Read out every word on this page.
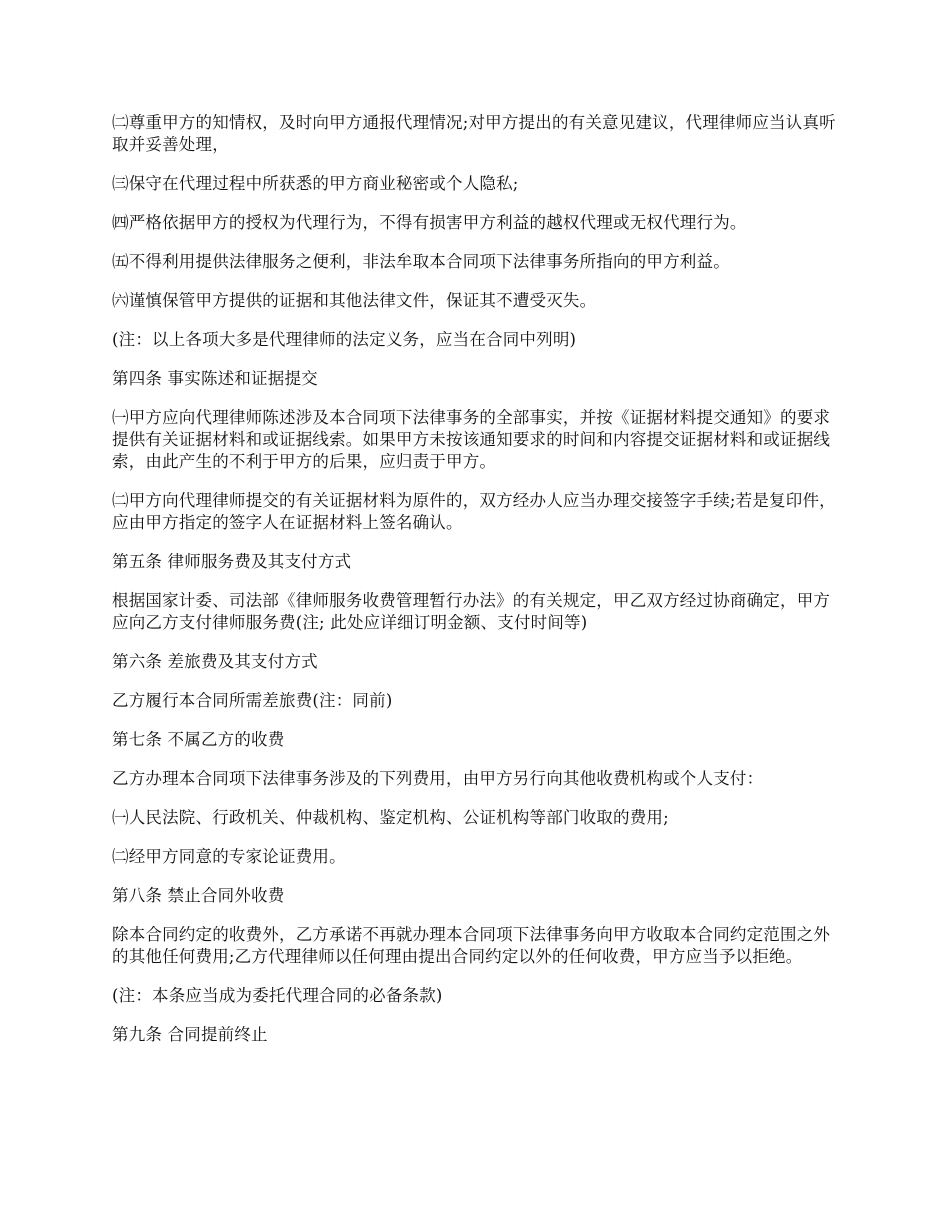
㈡尊重甲方的知情权，及时向甲方通报代理情况;对甲方提出的有关意见建议，代理律师应当认真听取并妥善处理，

㈢保守在代理过程中所获悉的甲方商业秘密或个人隐私;

㈣严格依据甲方的授权为代理行为，不得有损害甲方利益的越权代理或无权代理行为。

㈤不得利用提供法律服务之便利，非法牟取本合同项下法律事务所指向的甲方利益。

㈥谨慎保管甲方提供的证据和其他法律文件，保证其不遭受灭失。

(注：以上各项大多是代理律师的法定义务，应当在合同中列明)

第四条 事实陈述和证据提交

㈠甲方应向代理律师陈述涉及本合同项下法律事务的全部事实，并按《证据材料提交通知》的要求提供有关证据材料和或证据线索。如果甲方未按该通知要求的时间和内容提交证据材料和或证据线索，由此产生的不利于甲方的后果，应归责于甲方。

㈡甲方向代理律师提交的有关证据材料为原件的，双方经办人应当办理交接签字手续;若是复印件，应由甲方指定的签字人在证据材料上签名确认。

第五条 律师服务费及其支付方式

根据国家计委、司法部《律师服务收费管理暂行办法》的有关规定，甲乙双方经过协商确定，甲方应向乙方支付律师服务费(注; 此处应详细订明金额、支付时间等)

第六条 差旅费及其支付方式

乙方履行本合同所需差旅费(注：同前)

第七条 不属乙方的收费

乙方办理本合同项下法律事务涉及的下列费用，由甲方另行向其他收费机构或个人支付：

㈠人民法院、行政机关、仲裁机构、鉴定机构、公证机构等部门收取的费用;

㈡经甲方同意的专家论证费用。

第八条 禁止合同外收费

除本合同约定的收费外，乙方承诺不再就办理本合同项下法律事务向甲方收取本合同约定范围之外的其他任何费用;乙方代理律师以任何理由提出合同约定以外的任何收费，甲方应当予以拒绝。

(注：本条应当成为委托代理合同的必备条款)

第九条 合同提前终止
